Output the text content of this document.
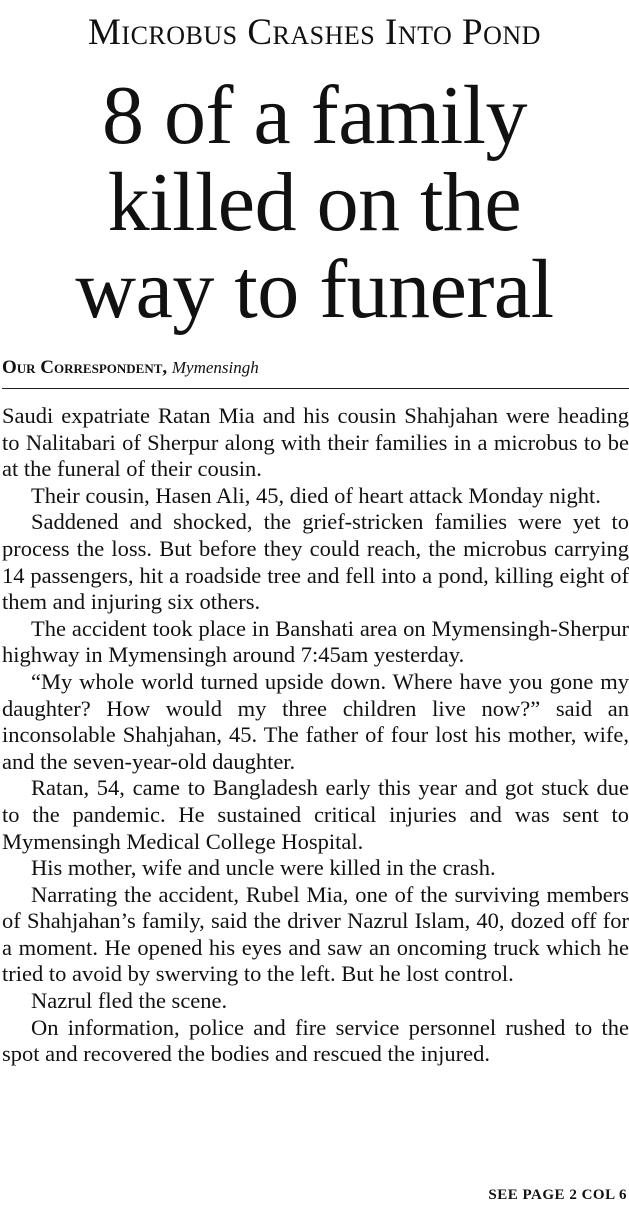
Microbus Crashes Into Pond
8 of a family
killed on the
way to funeral
Our Correspondent, Mymensingh

Saudi expatriate Ratan Mia and his cousin Shahjahan were heading to Nalitabari of Sherpur along with their families in a microbus to be at the funeral of their cousin.

Their cousin, Hasen Ali, 45, died of heart attack Monday night.

Saddened and shocked, the grief-stricken families were yet to process the loss. But before they could reach, the microbus carrying 14 passengers, hit a roadside tree and fell into a pond, killing eight of them and injuring six others.

The accident took place in Banshati area on Mymensingh-Sherpur highway in Mymensingh around 7:45am yesterday.

“My whole world turned upside down. Where have you gone my daughter? How would my three children live now?” said an inconsolable Shahjahan, 45. The father of four lost his mother, wife, and the seven-year-old daughter.

Ratan, 54, came to Bangladesh early this year and got stuck due to the pandemic. He sustained critical injuries and was sent to Mymensingh Medical College Hospital.

His mother, wife and uncle were killed in the crash.

Narrating the accident, Rubel Mia, one of the surviving members of Shahjahan’s family, said the driver Nazrul Islam, 40, dozed off for a moment. He opened his eyes and saw an oncoming truck which he tried to avoid by swerving to the left. But he lost control.

Nazrul fled the scene.

On information, police and fire service personnel rushed to the spot and recovered the bodies and rescued the injured.

SEE PAGE 2 COL 6
